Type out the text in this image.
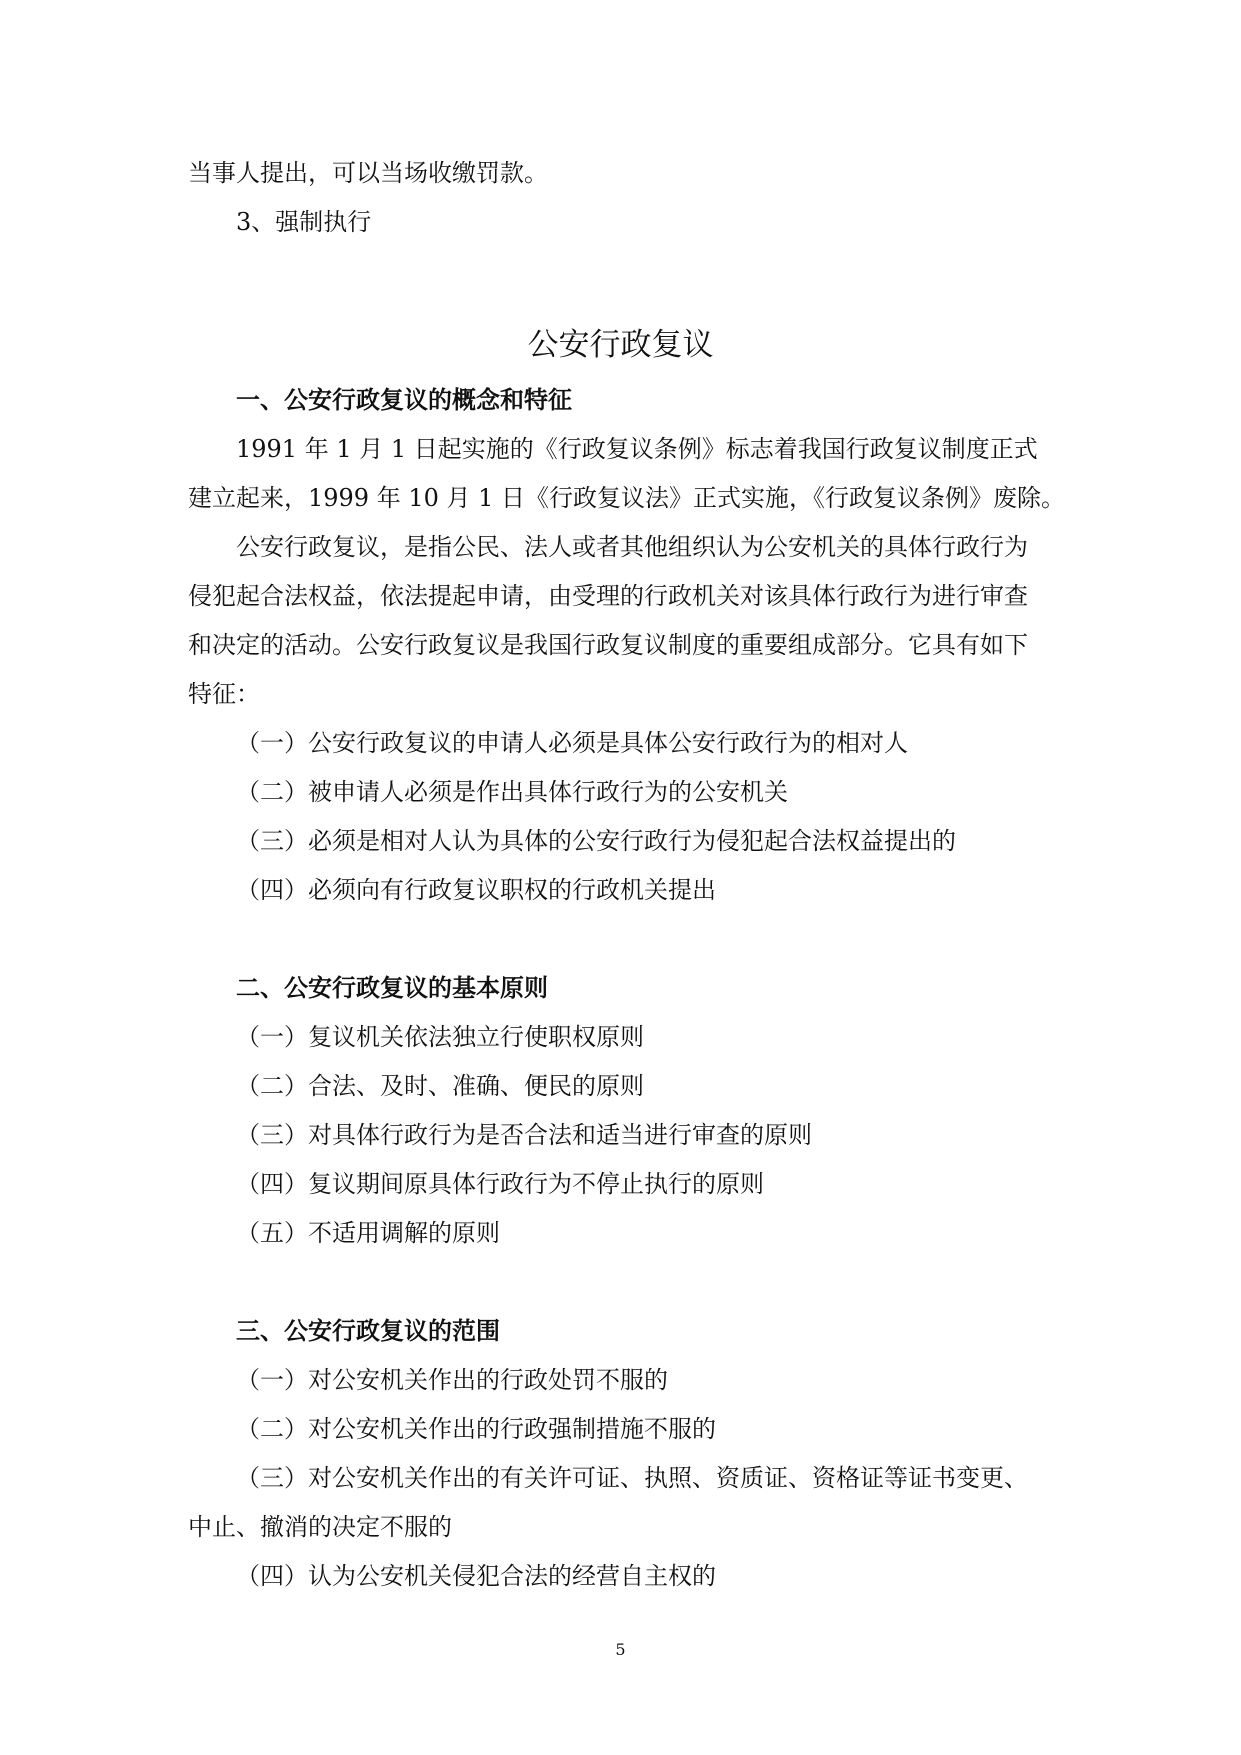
当事人提出，可以当场收缴罚款。

3、强制执行

公安行政复议

一、公安行政复议的概念和特征

1991 年 1 月 1 日起实施的《行政复议条例》标志着我国行政复议制度正式

建立起来，1999 年 10 月 1 日《行政复议法》正式实施，《行政复议条例》废除。

公安行政复议，是指公民、法人或者其他组织认为公安机关的具体行政行为

侵犯起合法权益，依法提起申请，由受理的行政机关对该具体行政行为进行审查

和决定的活动。公安行政复议是我国行政复议制度的重要组成部分。它具有如下

特征：

（一）公安行政复议的申请人必须是具体公安行政行为的相对人

（二）被申请人必须是作出具体行政行为的公安机关

（三）必须是相对人认为具体的公安行政行为侵犯起合法权益提出的

（四）必须向有行政复议职权的行政机关提出

二、公安行政复议的基本原则

（一）复议机关依法独立行使职权原则

（二）合法、及时、准确、便民的原则

（三）对具体行政行为是否合法和适当进行审查的原则

（四）复议期间原具体行政行为不停止执行的原则

（五）不适用调解的原则

三、公安行政复议的范围

（一）对公安机关作出的行政处罚不服的

（二）对公安机关作出的行政强制措施不服的

（三）对公安机关作出的有关许可证、执照、资质证、资格证等证书变更、

中止、撤消的决定不服的

（四）认为公安机关侵犯合法的经营自主权的

5
